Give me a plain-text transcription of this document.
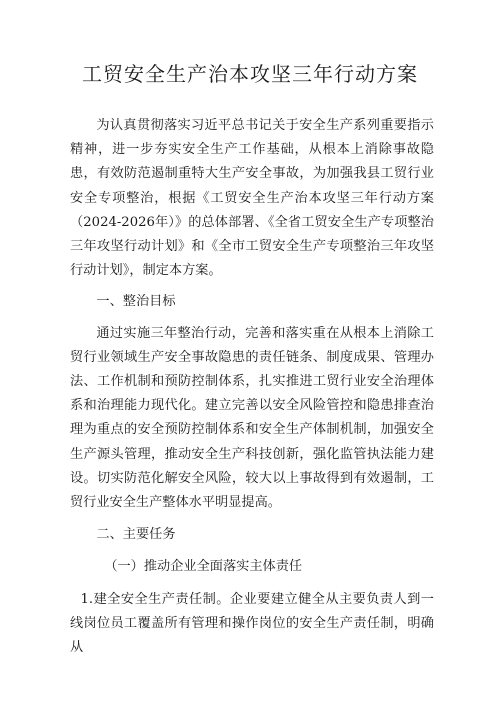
工贸安全生产治本攻坚三年行动方案

为认真贯彻落实习近平总书记关于安全生产系列重要指示精神，进一步夯实安全生产工作基础，从根本上消除事故隐患，有效防范遏制重特大生产安全事故，为加强我县工贸行业安全专项整治，根据《工贸安全生产治本攻坚三年行动方案（2024-2026年）》的总体部署、《全省工贸安全生产专项整治三年攻坚行动计划》和《全市工贸安全生产专项整治三年攻坚行动计划》，制定本方案。

一、整治目标

通过实施三年整治行动，完善和落实重在从根本上消除工贸行业领域生产安全事故隐患的责任链条、制度成果、管理办法、工作机制和预防控制体系，扎实推进工贸行业安全治理体系和治理能力现代化。建立完善以安全风险管控和隐患排查治理为重点的安全预防控制体系和安全生产体制机制，加强安全生产源头管理，推动安全生产科技创新，强化监管执法能力建设。切实防范化解安全风险，较大以上事故得到有效遏制，工贸行业安全生产整体水平明显提高。

二、主要任务

（一）推动企业全面落实主体责任

1.建全安全生产责任制。企业要建立健全从主要负责人到一线岗位员工覆盖所有管理和操作岗位的安全生产责任制，明确从
